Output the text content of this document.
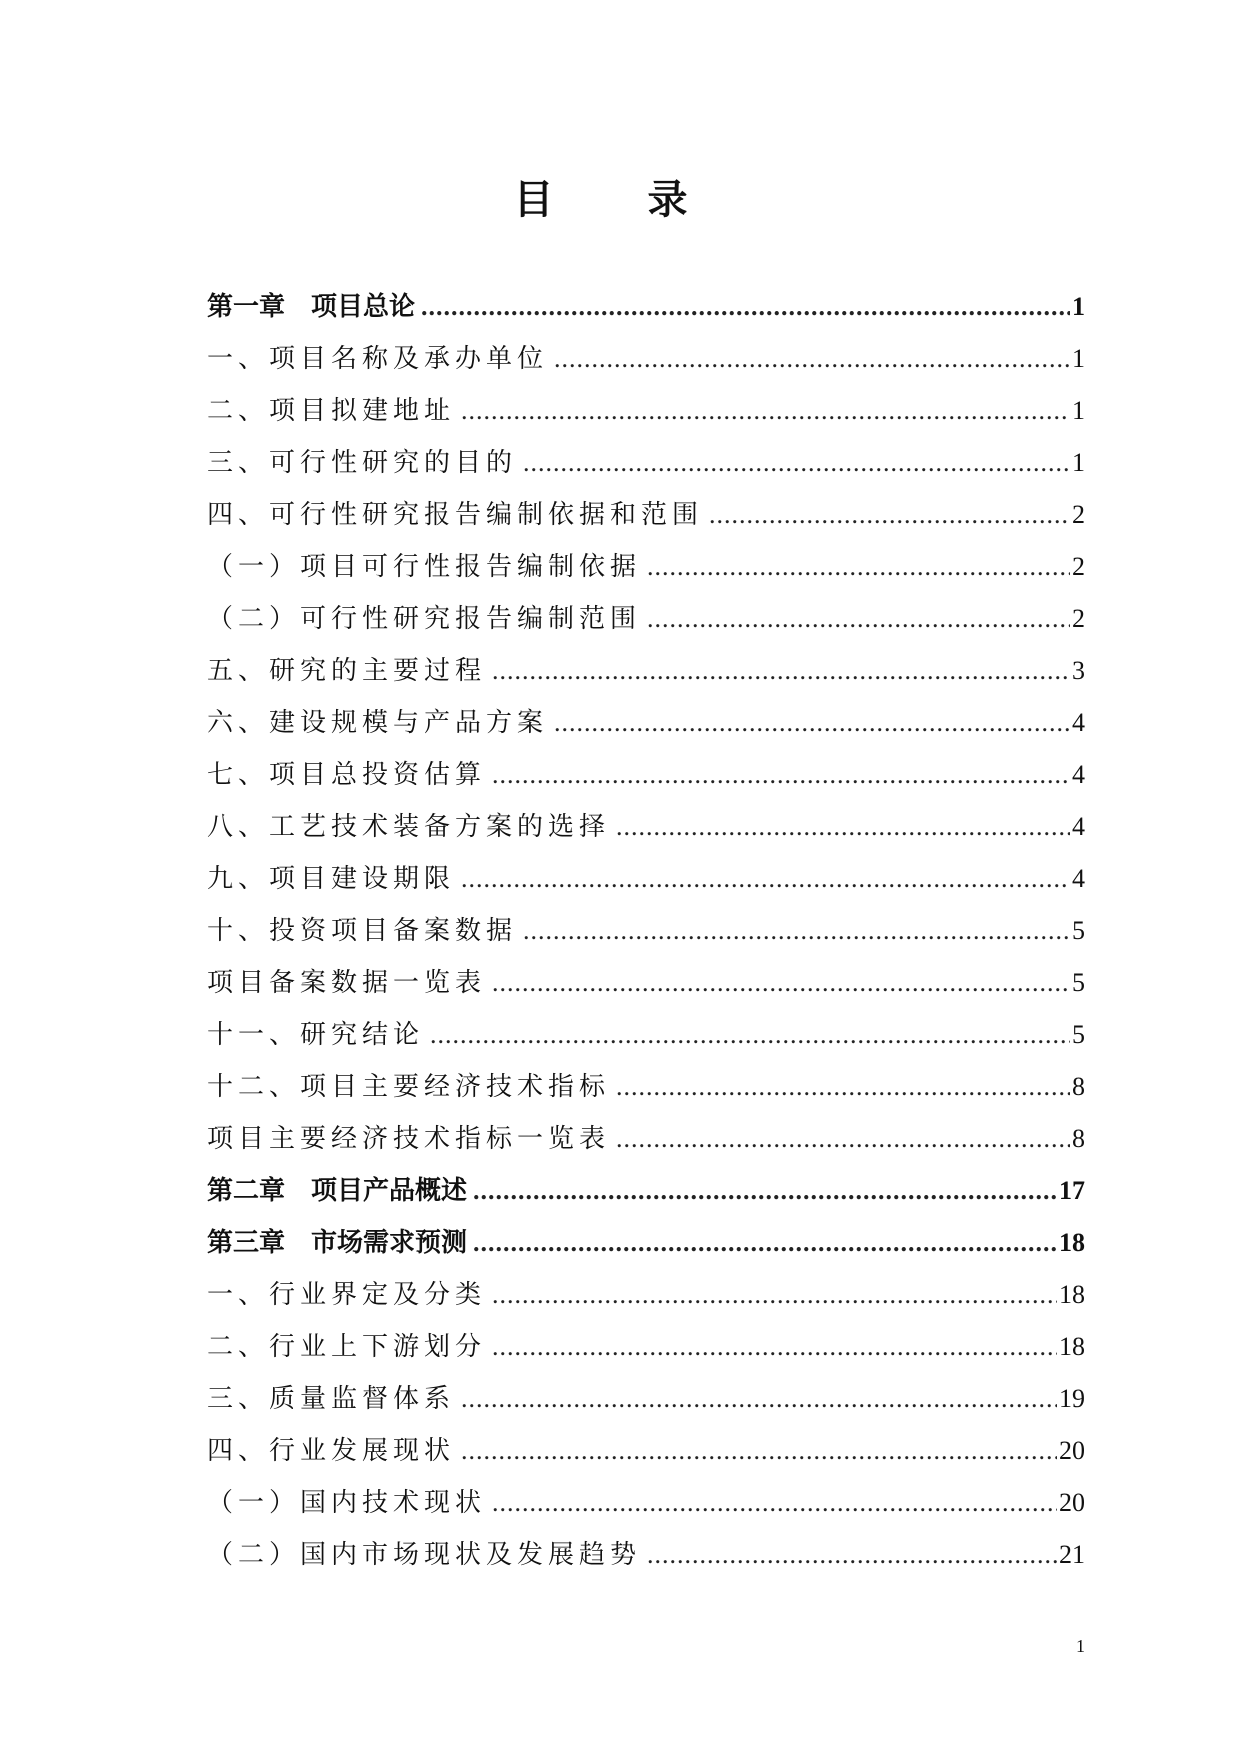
目 录
第一章　项目总论 .....	1
一、项目名称及承办单位 .....	1
二、项目拟建地址 .....	1
三、可行性研究的目的 .....	1
四、可行性研究报告编制依据和范围 .....	2
（一）项目可行性报告编制依据 .....	2
（二）可行性研究报告编制范围 .....	2
五、研究的主要过程 .....	3
六、建设规模与产品方案 .....	4
七、项目总投资估算 .....	4
八、工艺技术装备方案的选择 .....	4
九、项目建设期限 .....	4
十、投资项目备案数据 .....	5
项目备案数据一览表 .....	5
十一、研究结论 .....	5
十二、项目主要经济技术指标 .....	8
项目主要经济技术指标一览表 .....	8
第二章　项目产品概述 .....	17
第三章　市场需求预测 .....	18
一、行业界定及分类 .....	18
二、行业上下游划分 .....	18
三、质量监督体系 .....	19
四、行业发展现状 .....	20
（一）国内技术现状 .....	20
（二）国内市场现状及发展趋势 .....	21
1
